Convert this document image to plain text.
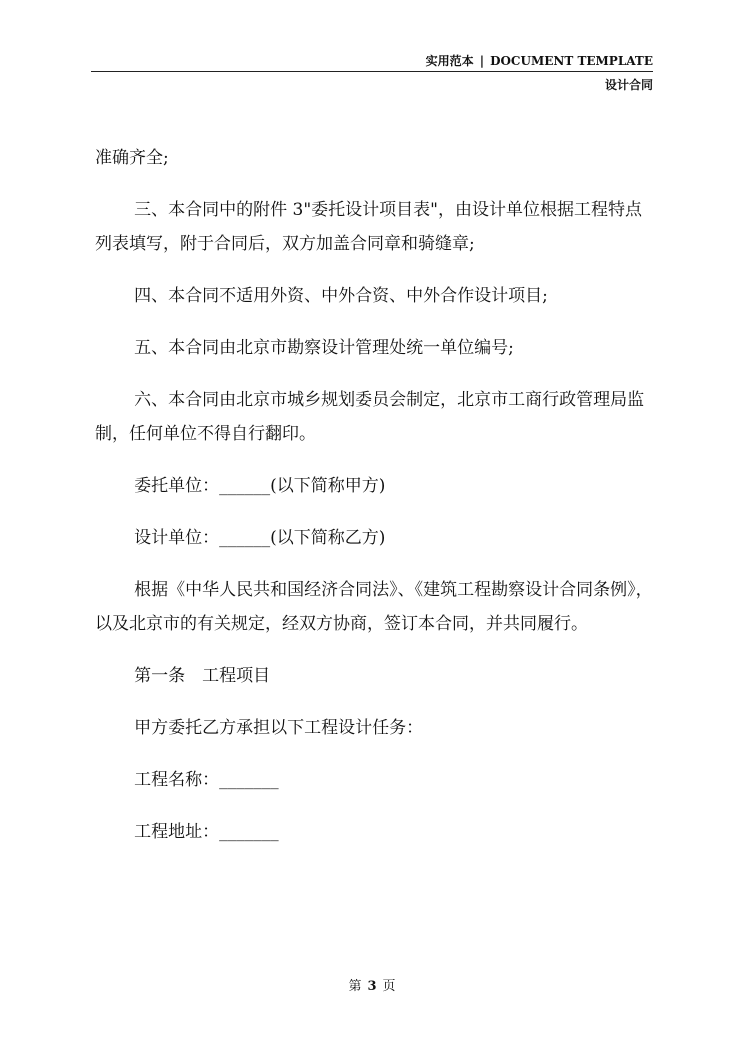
实用范本 | DOCUMENT TEMPLATE
设计合同

准确齐全;

三、本合同中的附件 3"委托设计项目表"，由设计单位根据工程特点列表填写，附于合同后，双方加盖合同章和骑缝章;

四、本合同不适用外资、中外合资、中外合作设计项目;

五、本合同由北京市勘察设计管理处统一单位编号;

六、本合同由北京市城乡规划委员会制定，北京市工商行政管理局监制，任何单位不得自行翻印。

委托单位：______(以下简称甲方)

设计单位：______(以下简称乙方)

根据《中华人民共和国经济合同法》、《建筑工程勘察设计合同条例》，以及北京市的有关规定，经双方协商，签订本合同，并共同履行。

第一条　工程项目

甲方委托乙方承担以下工程设计任务：

工程名称：_______

工程地址：_______

第 3 页
